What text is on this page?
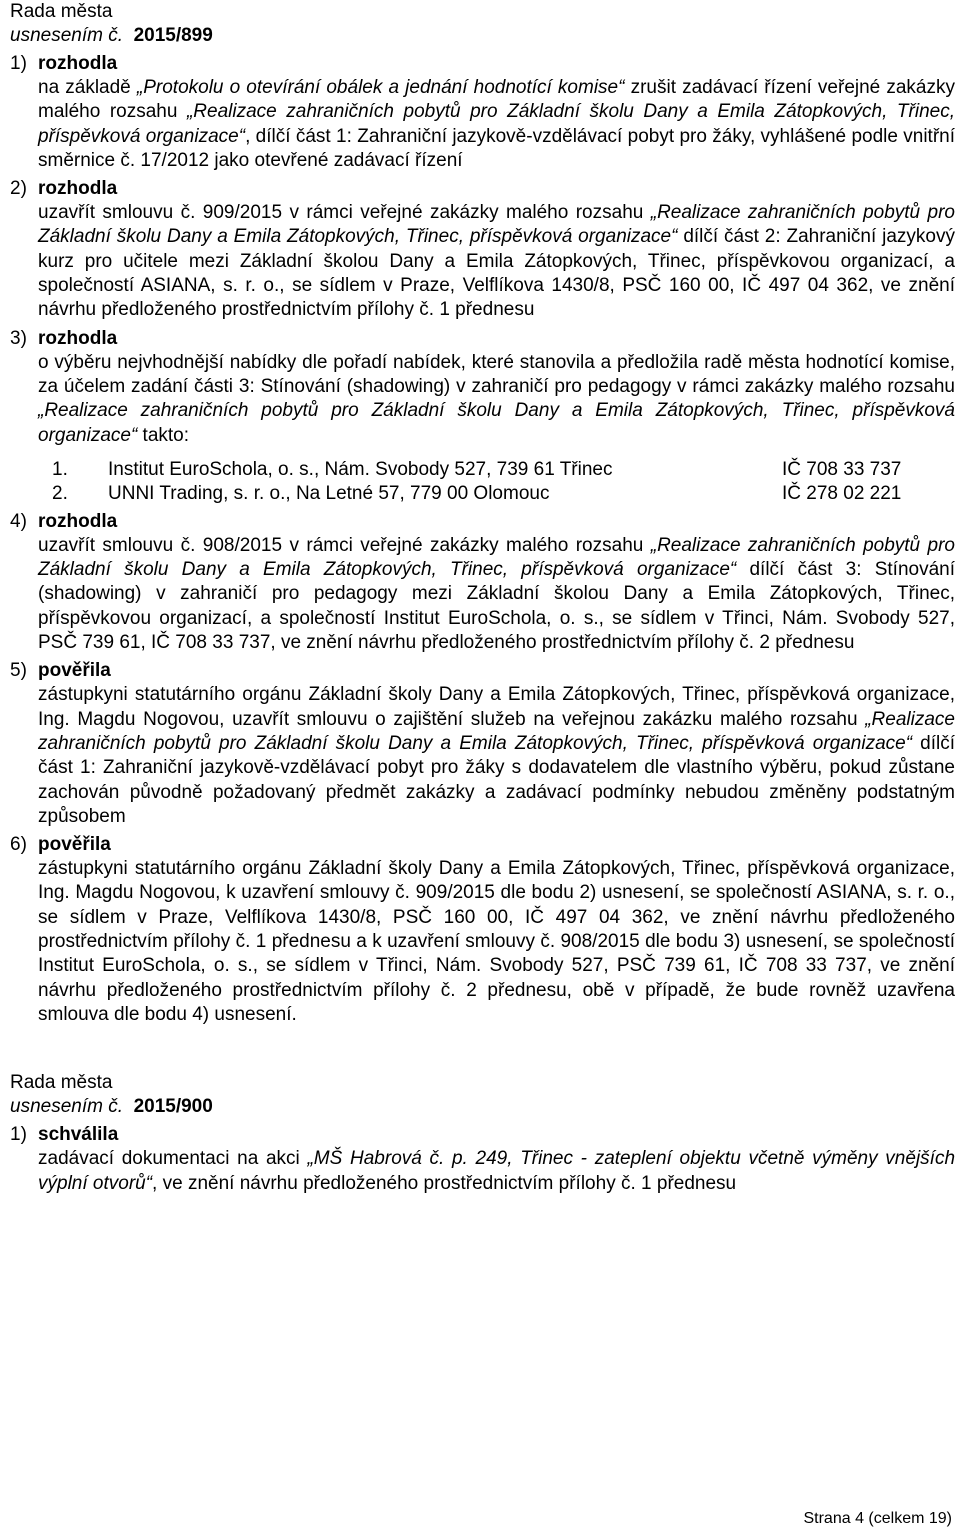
Rada města
usnesením č. 2015/899
1) rozhodla
na základě „Protokolu o otevírání obálek a jednání hodnotící komise“ zrušit zadávací řízení veřejné zakázky malého rozsahu „Realizace zahraničních pobytů pro Základní školu Dany a Emila Zátopkových, Třinec, příspěvková organizace“, dílčí část 1: Zahraniční jazykově-vzdělávací pobyt pro žáky, vyhlášené podle vnitřní směrnice č. 17/2012 jako otevřené zadávací řízení
2) rozhodla
uzavřít smlouvu č. 909/2015 v rámci veřejné zakázky malého rozsahu „Realizace zahraničních pobytů pro Základní školu Dany a Emila Zátopkových, Třinec, příspěvková organizace“ dílčí část 2: Zahraniční jazykový kurz pro učitele mezi Základní školou Dany a Emila Zátopkových, Třinec, příspěvkovou organizací, a společností ASIANA, s. r. o., se sídlem v Praze, Velflíkova 1430/8, PSČ 160 00, IČ 497 04 362, ve znění návrhu předloženého prostřednictvím přílohy č. 1 přednesu
3) rozhodla
o výběru nejvhodnější nabídky dle pořadí nabídek, které stanovila a předložila radě města hodnotící komise, za účelem zadání části 3: Stínování (shadowing) v zahraničí pro pedagogy v rámci zakázky malého rozsahu „Realizace zahraničních pobytů pro Základní školu Dany a Emila Zátopkových, Třinec, příspěvková organizace“ takto:
1.	Institut EuroSchola, o. s., Nám. Svobody 527, 739 61 Třinec	IČ 708 33 737
2.	UNNI Trading, s. r. o., Na Letné 57, 779 00 Olomouc	IČ 278 02 221
4) rozhodla
uzavřít smlouvu č. 908/2015 v rámci veřejné zakázky malého rozsahu „Realizace zahraničních pobytů pro Základní školu Dany a Emila Zátopkových, Třinec, příspěvková organizace“ dílčí část 3: Stínování (shadowing) v zahraničí pro pedagogy mezi Základní školou Dany a Emila Zátopkových, Třinec, příspěvkovou organizací, a společností Institut EuroSchola, o. s., se sídlem v Třinci, Nám. Svobody 527, PSČ 739 61, IČ 708 33 737, ve znění návrhu předloženého prostřednictvím přílohy č. 2 přednesu
5) pověřila
zástupkyni statutárního orgánu Základní školy Dany a Emila Zátopkových, Třinec, příspěvková organizace, Ing. Magdu Nogovou, uzavřít smlouvu o zajištění služeb na veřejnou zakázku malého rozsahu „Realizace zahraničních pobytů pro Základní školu Dany a Emila Zátopkových, Třinec, příspěvková organizace“ dílčí část 1: Zahraniční jazykově-vzdělávací pobyt pro žáky s dodavatelem dle vlastního výběru, pokud zůstane zachován původně požadovaný předmět zakázky a zadávací podmínky nebudou změněny podstatným způsobem
6) pověřila
zástupkyni statutárního orgánu Základní školy Dany a Emila Zátopkových, Třinec, příspěvková organizace, Ing. Magdu Nogovou, k uzavření smlouvy č. 909/2015 dle bodu 2) usnesení, se společností ASIANA, s. r. o., se sídlem v Praze, Velflíkova 1430/8, PSČ 160 00, IČ 497 04 362, ve znění návrhu předloženého prostřednictvím přílohy č. 1 přednesu a k uzavření smlouvy č. 908/2015 dle bodu 3) usnesení, se společností Institut EuroSchola, o. s., se sídlem v Třinci, Nám. Svobody 527, PSČ 739 61, IČ 708 33 737, ve znění návrhu předloženého prostřednictvím přílohy č. 2 přednesu, obě v případě, že bude rovněž uzavřena smlouva dle bodu 4) usnesení.
Rada města
usnesením č. 2015/900
1) schválila
zadávací dokumentaci na akci „MŠ Habrová č. p. 249, Třinec - zateplení objektu včetně výměny vnějších výplní otvorů“, ve znění návrhu předloženého prostřednictvím přílohy č. 1 přednesu
Strana 4 (celkem 19)
